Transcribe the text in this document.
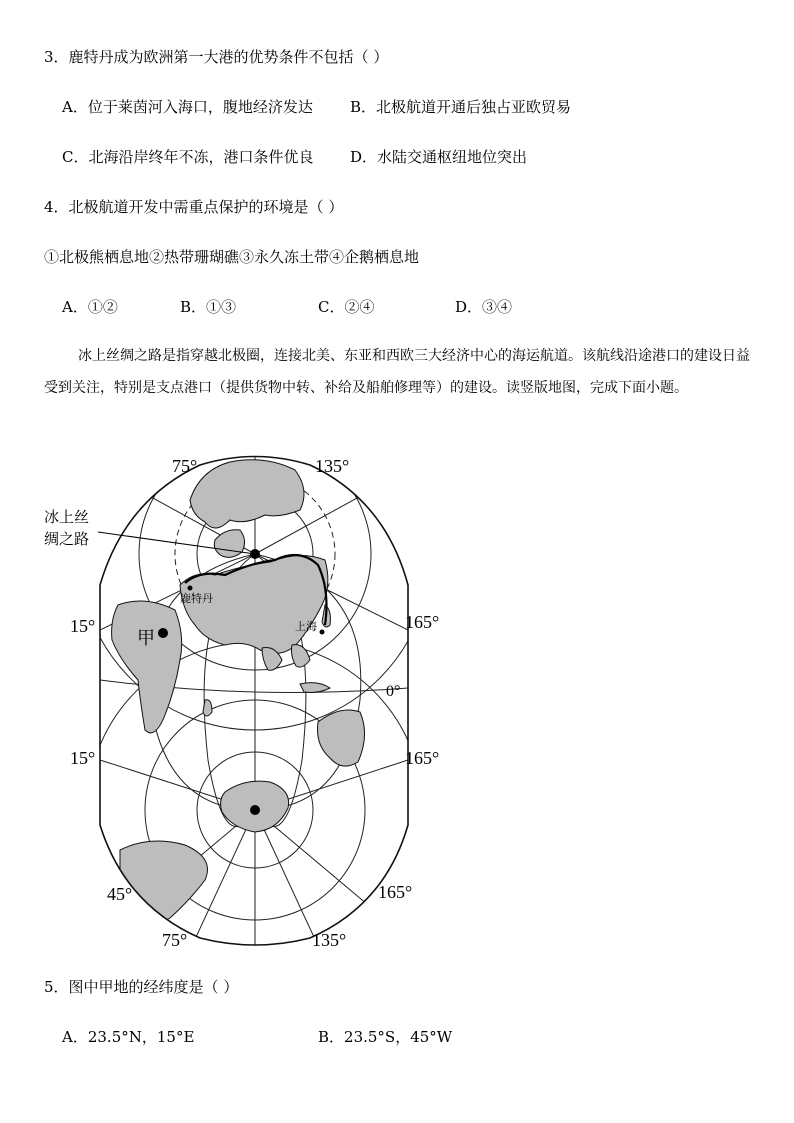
3．鹿特丹成为欧洲第一大港的优势条件不包括（ ）
A．位于莱茵河入海口，腹地经济发达 B．北极航道开通后独占亚欧贸易
C．北海沿岸终年不冻，港口条件优良 D．水陆交通枢纽地位突出
4．北极航道开发中需重点保护的环境是（ ）
①北极熊栖息地②热带珊瑚礁③永久冻土带④企鹅栖息地
A．①②	B．①③	C．②④	D．③④
冰上丝绸之路是指穿越北极圈，连接北美、东亚和西欧三大经济中心的海运航道。该航线沿途港口的建设日益受到关注，特别是支点港口（提供货物中转、补给及船舶修理等）的建设。读竖版地图，完成下面小题。
75°	135°
15°
15°
165°
165°
0°
45°	165°
75°	135°
冰上丝
绸之路
鹿特丹
上海
甲
5．图中甲地的经纬度是（ ）
A．23.5°N，15°E	B．23.5°S，45°W
